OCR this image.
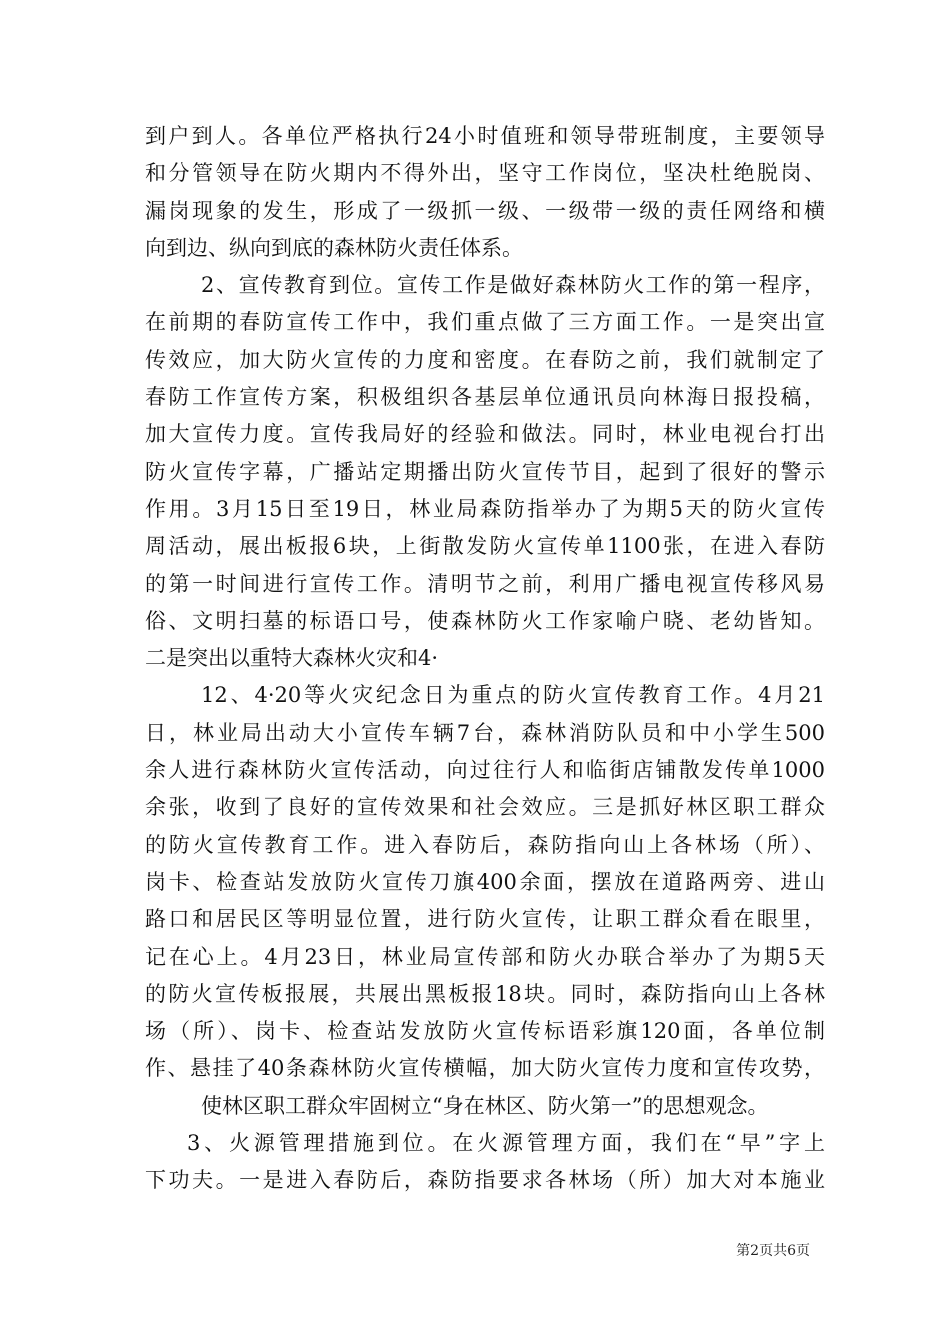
到户到人。各单位严格执行24小时值班和领导带班制度，主要领导
和分管领导在防火期内不得外出，坚守工作岗位，坚决杜绝脱岗、
漏岗现象的发生，形成了一级抓一级、一级带一级的责任网络和横
向到边、纵向到底的森林防火责任体系。
2、宣传教育到位。宣传工作是做好森林防火工作的第一程序，
在前期的春防宣传工作中，我们重点做了三方面工作。一是突出宣
传效应，加大防火宣传的力度和密度。在春防之前，我们就制定了
春防工作宣传方案，积极组织各基层单位通讯员向林海日报投稿，
加大宣传力度。宣传我局好的经验和做法。同时，林业电视台打出
防火宣传字幕，广播站定期播出防火宣传节目，起到了很好的警示
作用。3月15日至19日，林业局森防指举办了为期5天的防火宣传
周活动，展出板报6块，上街散发防火宣传单1100张，在进入春防
的第一时间进行宣传工作。清明节之前，利用广播电视宣传移风易
俗、文明扫墓的标语口号，使森林防火工作家喻户晓、老幼皆知。
二是突出以重特大森林火灾和4·
12、4·20等火灾纪念日为重点的防火宣传教育工作。4月21
日，林业局出动大小宣传车辆7台，森林消防队员和中小学生500
余人进行森林防火宣传活动，向过往行人和临街店铺散发传单1000
余张，收到了良好的宣传效果和社会效应。三是抓好林区职工群众
的防火宣传教育工作。进入春防后，森防指向山上各林场（所）、
岗卡、检查站发放防火宣传刀旗400余面，摆放在道路两旁、进山
路口和居民区等明显位置，进行防火宣传，让职工群众看在眼里，
记在心上。4月23日，林业局宣传部和防火办联合举办了为期5天
的防火宣传板报展，共展出黑板报18块。同时，森防指向山上各林
场（所）、岗卡、检查站发放防火宣传标语彩旗120面，各单位制
作、悬挂了40条森林防火宣传横幅，加大防火宣传力度和宣传攻势，
使林区职工群众牢固树立“身在林区、防火第一”的思想观念。
3、火源管理措施到位。在火源管理方面，我们在“早”字上
下功夫。一是进入春防后，森防指要求各林场（所）加大对本施业
第2页共6页
